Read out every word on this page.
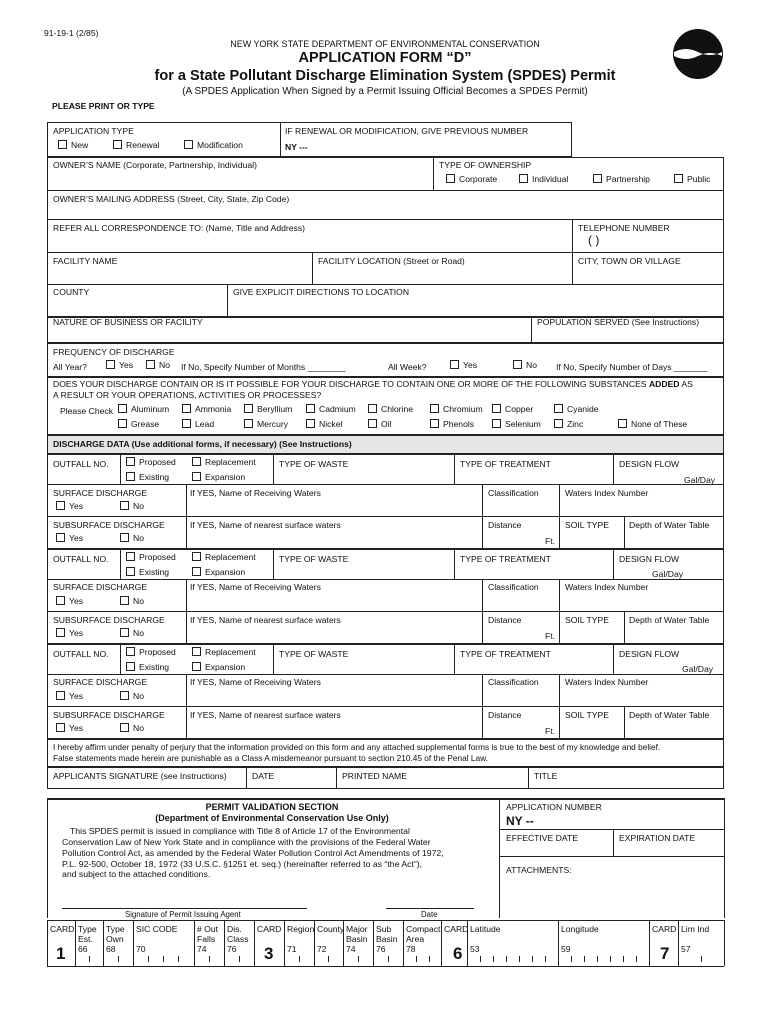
91-19-1 (2/85)
NEW YORK STATE DEPARTMENT OF ENVIRONMENTAL CONSERVATION
APPLICATION FORM “D”
for a State Pollutant Discharge Elimination System (SPDES) Permit
(A SPDES Application When Signed by a Permit Issuing Official Becomes a SPDES Permit)
PLEASE PRINT OR TYPE
APPLICATION TYPE
New	Renewal	Modification
IF RENEWAL OR MODIFICATION, GIVE PREVIOUS NUMBER
NY ---
OWNER’S NAME (Corporate, Partnership, Individual)	TYPE OF OWNERSHIP
Corporate	Individual	Partnership	Public
OWNER’S MAILING ADDRESS (Street, City, State, Zip Code)
REFER ALL CORRESPONDENCE TO: (Name, Title and Address)	TELEPHONE NUMBER
( )
FACILITY NAME	FACILITY LOCATION (Street or Road)	CITY, TOWN OR VILLAGE
COUNTY	GIVE EXPLICIT DIRECTIONS TO LOCATION
NATURE OF BUSINESS OR FACILITY	POPULATION SERVED (See Instructions)
FREQUENCY OF DISCHARGE
All Year?	Yes	No If No, Specify Number of Months ________	All Week?	Yes	No If No, Specify Number of Days _______
DOES YOUR DISCHARGE CONTAIN OR IS IT POSSIBLE FOR YOUR DISCHARGE TO CONTAIN ONE OR MORE OF THE FOLLOWING SUBSTANCES ADDED AS
A RESULT OR YOUR OPERATIONS, ACTIVITIES OR PROCESSES?
Please Check	Aluminum	Ammonia	Beryllium	Cadmium	Chlorine	Chromium	Copper	Cyanide
Grease	Lead	Mercury	Nickel	Oil	Phenols	Selenium	Zinc	None of These
DISCHARGE DATA (Use additional forms, if necessary) (See Instructions)
OUTFALL NO.	Proposed
Existing
Replacement
Expansion
TYPE OF WASTE	TYPE OF TREATMENT	DESIGN FLOW
Gal/Day
SURFACE DISCHARGE
Yes	No
If YES, Name of Receiving Waters	Classification	Waters Index Number
SUBSURFACE DISCHARGE
Yes	No
If YES, Name of nearest surface waters	Distance
Ft.
SOIL TYPE Depth of Water Table
OUTFALL NO.	Proposed
Existing
Replacement
Expansion
TYPE OF WASTE	TYPE OF TREATMENT	DESIGN FLOW
Gal/Day
SURFACE DISCHARGE
Yes	No
If YES, Name of Receiving Waters	Classification	Waters Index Number
SUBSURFACE DISCHARGE
Yes	No
If YES, Name of nearest surface waters	Distance
Ft.
SOIL TYPE Depth of Water Table
OUTFALL NO.	Proposed
Existing
Replacement
Expansion
TYPE OF WASTE	TYPE OF TREATMENT	DESIGN FLOW
Gal/Day
SURFACE DISCHARGE
Yes	No
If YES, Name of Receiving Waters	Classification	Waters Index Number
SUBSURFACE DISCHARGE
Yes	No
If YES, Name of nearest surface waters	Distance
Ft.
SOIL TYPE Depth of Water Table
I hereby affirm under penalty of perjury that the information provided on this form and any attached supplemental forms is true to the best of my knowledge and belief.
False statements made herein are punishable as a Class A misdemeanor pursuant to section 210.45 of the Penal Law.
APPLICANTS SIGNATURE (see Instructions)	DATE	PRINTED NAME	TITLE
PERMIT VALIDATION SECTION
(Department of Environmental Conservation Use Only)
This SPDES permit is issued in compliance with Title 8 of Article 17 of the Environmental
Conservation Law of New York State and in compliance with the provisions of the Federal Water
Pollution Control Act, as amended by the Federal Water Pollution Control Act Amendments of 1972,
P.L. 92-500, October 18, 1972 (33 U.S.C. §1251 et. seq.) (hereinafter referred to as “the Act”),
and subject to the attached conditions.
APPLICATION NUMBER
NY --
EFFECTIVE DATE	EXPIRATION DATE
ATTACHMENTS:
Signature of Permit Issuing Agent	Date
CARD
1
Type Est.
66
Type Own
68
SIC CODE
70
# Out Falls
74
Dis. Class
76
CARD
3
Region
71
County
72
Major Basin
74
Sub Basin
76
Compact Area
78
CARD
6
Latitude
53
Longitude
59
CARD
7
Lim Ind
57
